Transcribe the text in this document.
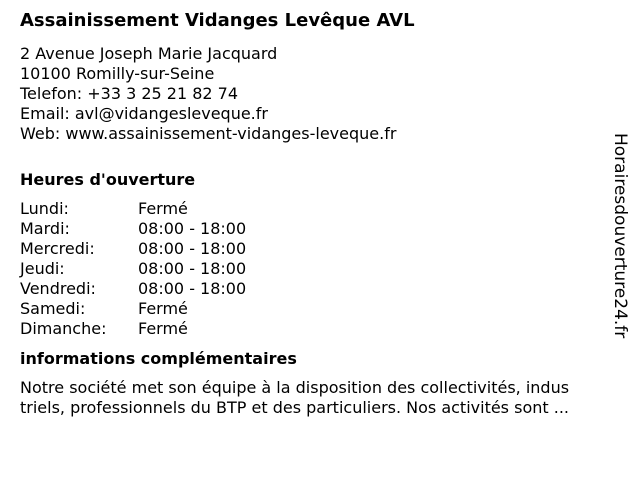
Assainissement Vidanges Levêque AVL
2 Avenue Joseph Marie Jacquard
10100 Romilly-sur-Seine
Telefon: +33 3 25 21 82 74
Email: avl@vidangesleveque.fr
Web: www.assainissement-vidanges-leveque.fr
Heures d'ouverture
Lundi:	Fermé
Mardi:	08:00 - 18:00
Mercredi:	08:00 - 18:00
Jeudi:	08:00 - 18:00
Vendredi:	08:00 - 18:00
Samedi:	Fermé
Dimanche:	Fermé
informations complémentaires
Notre société met son équipe à la disposition des collectivités, indus
triels, professionnels du BTP et des particuliers. Nos activités sont ...
Horairesdouverture24.fr
